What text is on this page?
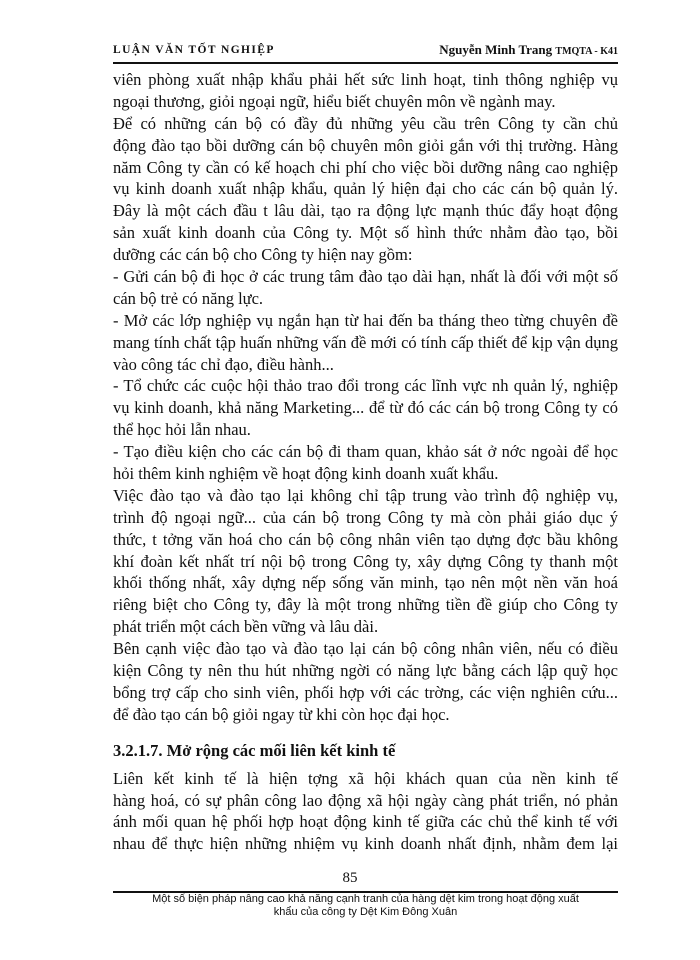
LUẬN VĂN TỐT NGHIỆP	Nguyễn Minh Trang TMQTA - K41
viên phòng xuất nhập khẩu phải hết sức linh hoạt, tinh thông nghiệp vụ
ngoại thương, giỏi ngoại ngữ, hiểu biết chuyên môn về ngành may.
Để có những cán bộ có đầy đủ những yêu cầu trên Công ty cần chủ
động đào tạo bồi dưỡng cán bộ chuyên môn giỏi gắn với thị trường. Hàng
năm Công ty cần có kế hoạch chi phí cho việc bồi dưỡng nâng cao nghiệp
vụ kinh doanh xuất nhập khẩu, quản lý hiện đại cho các cán bộ quản lý.
Đây là một cách đầu t lâu dài, tạo ra động lực mạnh thúc đẩy hoạt động
sản xuất kinh doanh của Công ty. Một số hình thức nhằm đào tạo, bồi
dưỡng các cán bộ cho Công ty hiện nay gồm:
- Gửi cán bộ đi học ở các trung tâm đào tạo dài hạn, nhất là đối với một số
cán bộ trẻ có năng lực.
- Mở các lớp nghiệp vụ ngắn hạn từ hai đến ba tháng theo từng chuyên đề
mang tính chất tập huấn những vấn đề mới có tính cấp thiết để kịp vận dụng
vào công tác chỉ đạo, điều hành...
- Tổ chức các cuộc hội thảo trao đổi trong các lĩnh vực nh quản lý, nghiệp
vụ kinh doanh, khả năng Marketing... để từ đó các cán bộ trong Công ty có
thể học hỏi lẫn nhau.
- Tạo điều kiện cho các cán bộ đi tham quan, khảo sát ở nớc ngoài để học
hỏi thêm kinh nghiệm về hoạt động kinh doanh xuất khẩu.
Việc đào tạo và đào tạo lại không chỉ tập trung vào trình độ nghiệp vụ,
trình độ ngoại ngữ... của cán bộ trong Công ty mà còn phải giáo dục ý
thức, t tởng văn hoá cho cán bộ công nhân viên tạo dựng đợc bầu không
khí đoàn kết nhất trí nội bộ trong Công ty, xây dựng Công ty thanh một
khối thống nhất, xây dựng nếp sống văn minh, tạo nên một nền văn hoá
riêng biệt cho Công ty, đây là một trong những tiền đề giúp cho Công ty
phát triển một cách bền vững và lâu dài.
Bên cạnh việc đào tạo và đào tạo lại cán bộ công nhân viên, nếu có điều
kiện Công ty nên thu hút những ngời có năng lực bằng cách lập quỹ học
bổng trợ cấp cho sinh viên, phối hợp với các trờng, các viện nghiên cứu...
để đào tạo cán bộ giỏi ngay từ khi còn học đại học.
3.2.1.7. Mở rộng các mối liên kết kinh tế
Liên kết kinh tế là hiện tợng xã hội khách quan của nền kinh tế
hàng hoá, có sự phân công lao động xã hội ngày càng phát triển, nó phản
ánh mối quan hệ phối hợp hoạt động kinh tế giữa các chủ thể kinh tế với
nhau để thực hiện những nhiệm vụ kinh doanh nhất định, nhằm đem lại
85
Một số biện pháp nâng cao khả năng cạnh tranh của hàng dệt kim trong hoạt động xuất
khẩu của công ty Dệt Kim Đông Xuân
